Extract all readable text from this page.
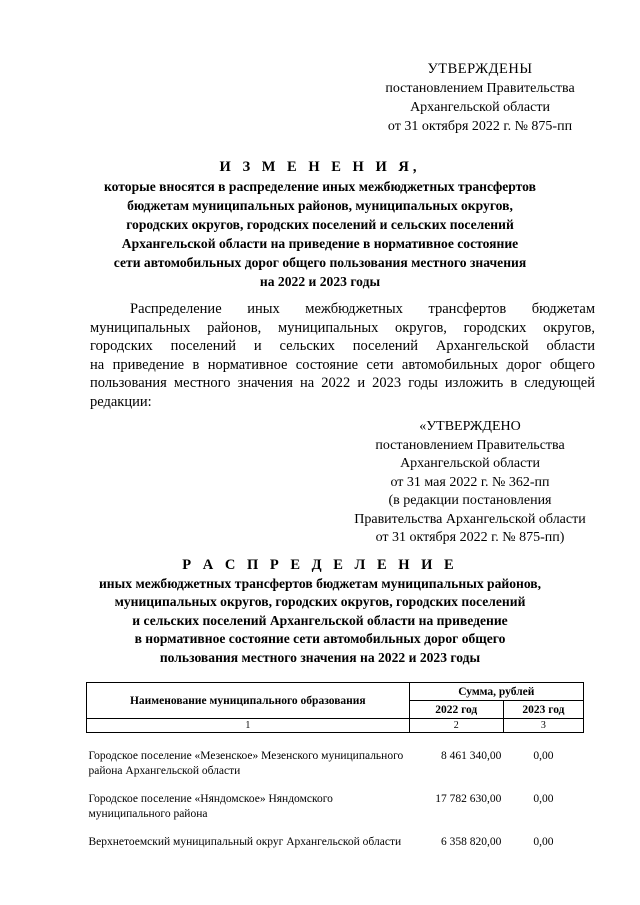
УТВЕРЖДЕНЫ
постановлением Правительства
Архангельской области
от 31 октября 2022 г. № 875-пп
И З М Е Н Е Н И Я,
которые вносятся в распределение иных межбюджетных трансфертов
бюджетам муниципальных районов, муниципальных округов,
городских округов, городских поселений и сельских поселений
Архангельской области на приведение в нормативное состояние
сети автомобильных дорог общего пользования местного значения
на 2022 и 2023 годы
Распределение иных межбюджетных трансфертов бюджетам
муниципальных районов, муниципальных округов, городских округов,
городских поселений и сельских поселений Архангельской области
на приведение в нормативное состояние сети автомобильных дорог общего
пользования местного значения на 2022 и 2023 годы изложить в следующей
редакции:
«УТВЕРЖДЕНО
постановлением Правительства
Архангельской области
от 31 мая 2022 г. № 362-пп
(в редакции постановления
Правительства Архангельской области
от 31 октября 2022 г. № 875-пп)
Р А С П Р Е Д Е Л Е Н И Е
иных межбюджетных трансфертов бюджетам муниципальных районов,
муниципальных округов, городских округов, городских поселений
и сельских поселений Архангельской области на приведение
в нормативное состояние сети автомобильных дорог общего
пользования местного значения на 2022 и 2023 годы
Наименование муниципального образования	Сумма, рублей	
	2022 год	2023 год
1	2	3

Городское поселение «Мезенское» Мезенского муниципального района Архангельской области	8 461 340,00	0,00
Городское поселение «Няндомское» Няндомского муниципального района	17 782 630,00	0,00
Верхнетоемский муниципальный округ Архангельской области	6 358 820,00	0,00
